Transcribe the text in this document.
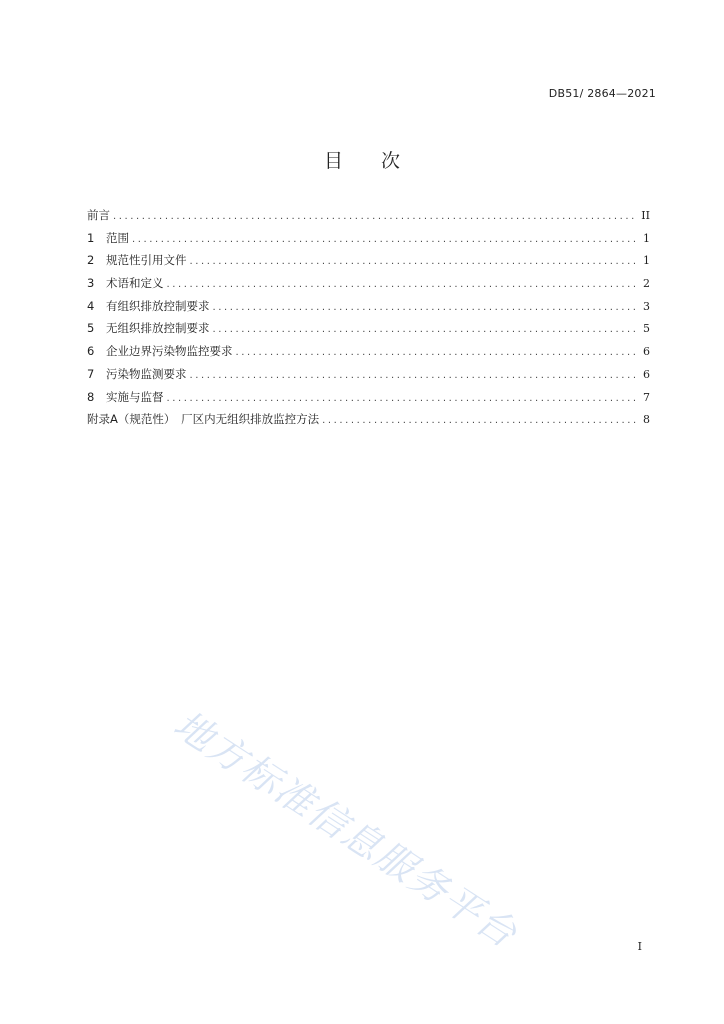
DB51/ 2864—2021
目 次
前言 . . .	II
1	范围 . . .	1
2	规范性引用文件 . . .	1
3	术语和定义 . . .	2
4	有组织排放控制要求 . . .	3
5	无组织排放控制要求 . . .	5
6	企业边界污染物监控要求 . . .	6
7	污染物监测要求 . . .	6
8	实施与监督 . . .	7
附录A（规范性）　厂区内无组织排放监控方法 . . .	8
地方标准信息服务平台	I
